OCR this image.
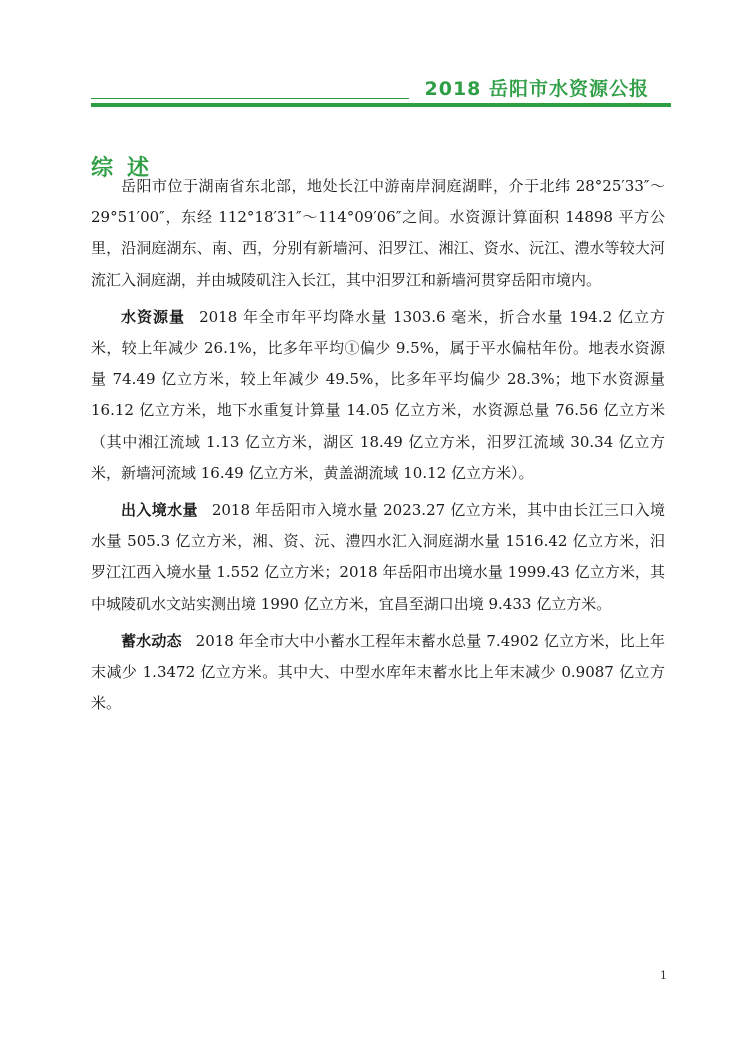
2018 岳阳市水资源公报
综述

岳阳市位于湖南省东北部，地处长江中游南岸洞庭湖畔，介于北纬 28°25′33″～29°51′00″，东经 112°18′31″～114°09′06″之间。水资源计算面积 14898 平方公里，沿洞庭湖东、南、西，分别有新墙河、汨罗江、湘江、资水、沅江、澧水等较大河流汇入洞庭湖，并由城陵矶注入长江，其中汨罗江和新墙河贯穿岳阳市境内。

水资源量 2018 年全市年平均降水量 1303.6 毫米，折合水量 194.2 亿立方米，较上年减少 26.1%，比多年平均①偏少 9.5%，属于平水偏枯年份。地表水资源量 74.49 亿立方米，较上年减少 49.5%，比多年平均偏少 28.3%；地下水资源量 16.12 亿立方米，地下水重复计算量 14.05 亿立方米，水资源总量 76.56 亿立方米（其中湘江流域 1.13 亿立方米，湖区 18.49 亿立方米，汨罗江流域 30.34 亿立方米，新墙河流域 16.49 亿立方米，黄盖湖流域 10.12 亿立方米）。

出入境水量 2018 年岳阳市入境水量 2023.27 亿立方米，其中由长江三口入境水量 505.3 亿立方米，湘、资、沅、澧四水汇入洞庭湖水量 1516.42 亿立方米，汨罗江江西入境水量 1.552 亿立方米；2018 年岳阳市出境水量 1999.43 亿立方米，其中城陵矶水文站实测出境 1990 亿立方米，宜昌至湖口出境 9.433 亿立方米。

蓄水动态 2018 年全市大中小蓄水工程年末蓄水总量 7.4902 亿立方米，比上年末减少 1.3472 亿立方米。其中大、中型水库年末蓄水比上年末减少 0.9087 亿立方米。

1
